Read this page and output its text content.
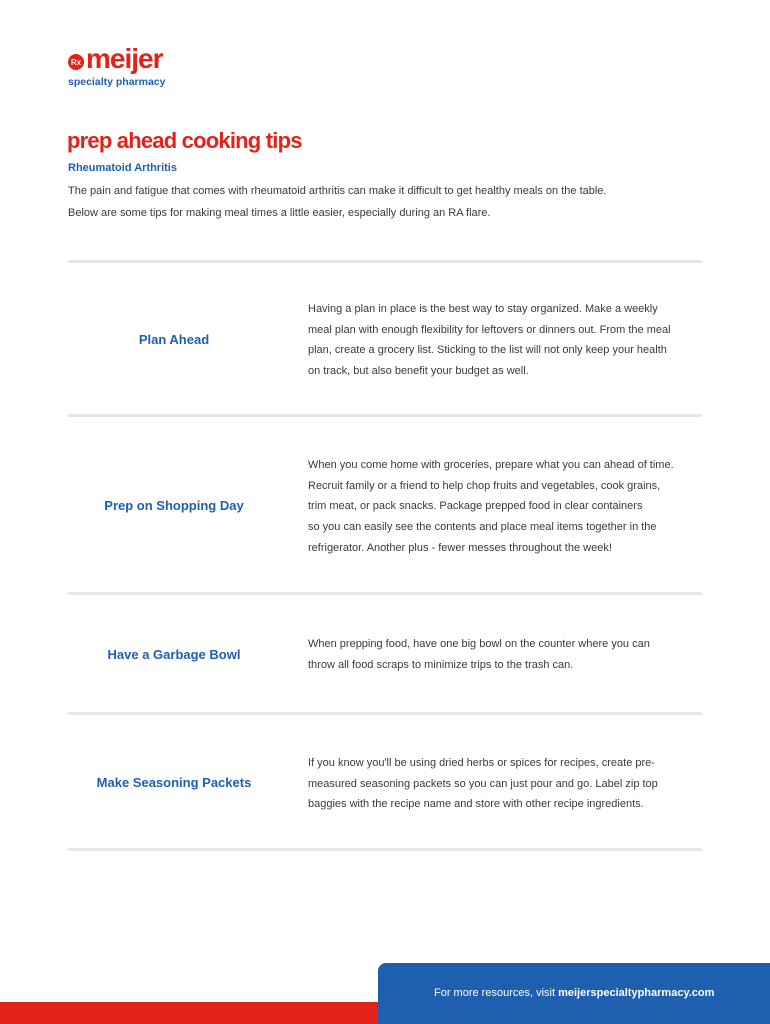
Rx meijer
specialty pharmacy
prep ahead cooking tips
Rheumatoid Arthritis

The pain and fatigue that comes with rheumatoid arthritis can make it difficult to get healthy meals on the table.

Below are some tips for making meal times a little easier, especially during an RA flare.

Plan Ahead
Having a plan in place is the best way to stay organized. Make a weekly
meal plan with enough flexibility for leftovers or dinners out. From the meal
plan, create a grocery list. Sticking to the list will not only keep your health
on track, but also benefit your budget as well.
Prep on Shopping Day
When you come home with groceries, prepare what you can ahead of time.
Recruit family or a friend to help chop fruits and vegetables, cook grains,
trim meat, or pack snacks. Package prepped food in clear containers
so you can easily see the contents and place meal items together in the
refrigerator. Another plus - fewer messes throughout the week!
Have a Garbage Bowl
When prepping food, have one big bowl on the counter where you can
throw all food scraps to minimize trips to the trash can.
Make Seasoning Packets
If you know you'll be using dried herbs or spices for recipes, create pre-
measured seasoning packets so you can just pour and go. Label zip top
baggies with the recipe name and store with other recipe ingredients.
For more resources, visit meijerspecialtypharmacy.com
